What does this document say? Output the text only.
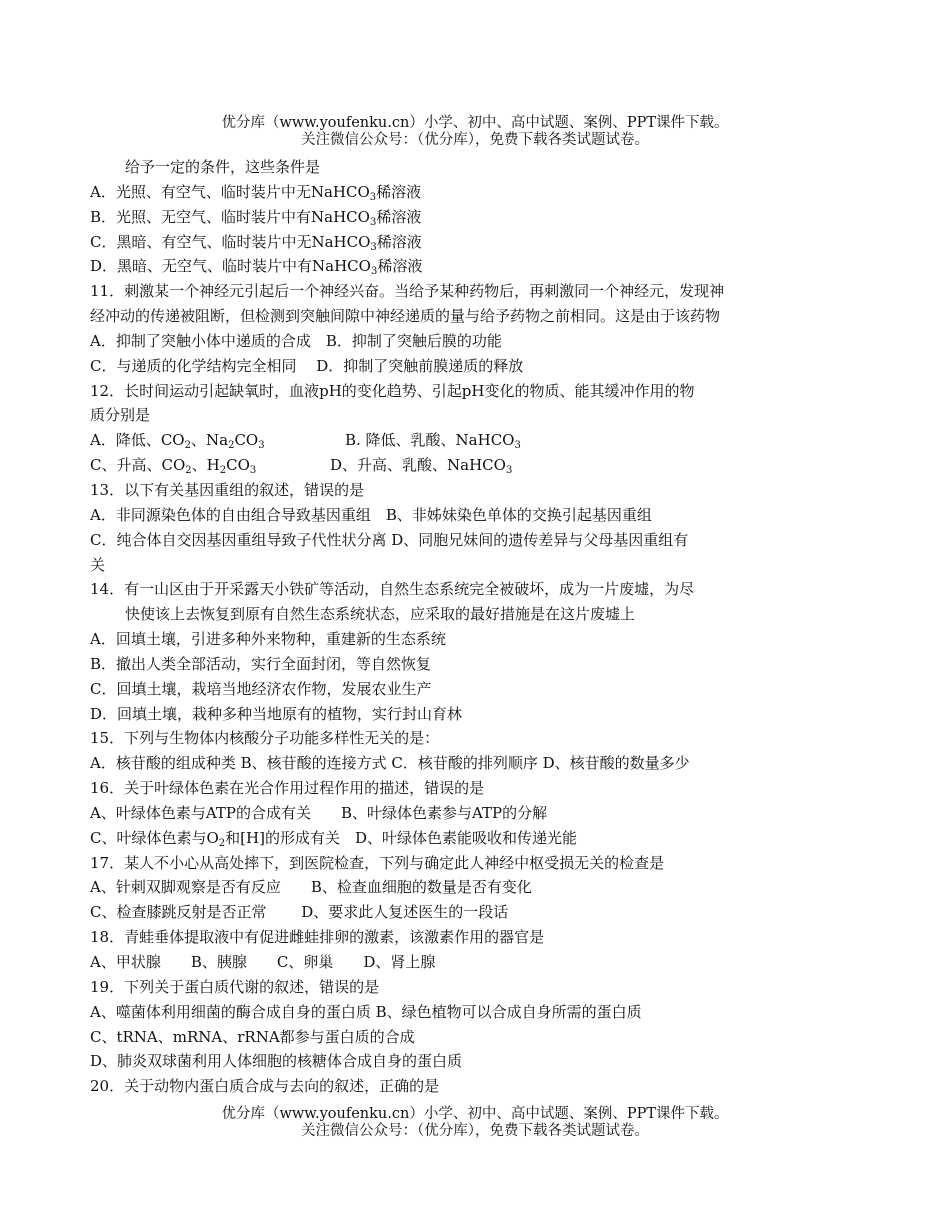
优分库（www.youfenku.cn）小学、初中、高中试题、案例、PPT课件下载。
关注微信公众号：（优分库），免费下载各类试题试卷。
给予一定的条件，这些条件是
A．光照、有空气、临时装片中无NaHCO$_3$稀溶液
B．光照、无空气、临时装片中有NaHCO$_3$稀溶液
C．黑暗、有空气、临时装片中无NaHCO$_3$稀溶液
D．黑暗、无空气、临时装片中有NaHCO$_3$稀溶液
11．刺激某一个神经元引起后一个神经兴奋。当给予某种药物后，再刺激同一个神经元，发现神
经冲动的传递被阻断，但检测到突触间隙中神经递质的量与给予药物之前相同。这是由于该药物
A．抑制了突触小体中递质的合成　B．抑制了突触后膜的功能
C．与递质的化学结构完全相同　 D．抑制了突触前膜递质的释放
12．长时间运动引起缺氧时，血液pH的变化趋势、引起pH变化的物质、能其缓冲作用的物
质分别是
A．降低、$CO_2$、$Na_2CO_3$	B. 降低、乳酸、NaHCO$_3$
C、升高、$CO_2$、$H_2CO_3$	D、升高、乳酸、NaHCO$_3$
13．以下有关基因重组的叙述，错误的是
A．非同源染色体的自由组合导致基因重组　B、非姊妹染色单体的交换引起基因重组
C．纯合体自交因基因重组导致子代性状分离 D、同胞兄妹间的遗传差异与父母基因重组有
关
14．有一山区由于开采露天小铁矿等活动，自然生态系统完全被破坏，成为一片废墟，为尽
快使该上去恢复到原有自然生态系统状态，应采取的最好措施是在这片废墟上
A．回填土壤，引进多种外来物种，重建新的生态系统
B．撤出人类全部活动，实行全面封闭，等自然恢复
C．回填土壤，栽培当地经济农作物，发展农业生产
D．回填土壤，栽种多种当地原有的植物，实行封山育林
15．下列与生物体内核酸分子功能多样性无关的是：
A．核苷酸的组成种类 B、核苷酸的连接方式 C．核苷酸的排列顺序 D、核苷酸的数量多少
16．关于叶绿体色素在光合作用过程作用的描述，错误的是
A、叶绿体色素与ATP的合成有关　　B、叶绿体色素参与ATP的分解
C、叶绿体色素与$O_2$和[H]的形成有关　D、叶绿体色素能吸收和传递光能
17．某人不小心从高处摔下，到医院检查，下列与确定此人神经中枢受损无关的检查是
A、针刺双脚观察是否有反应　　B、检查血细胞的数量是否有变化
C、检查膝跳反射是否正常　　 D、要求此人复述医生的一段话
18．青蛙垂体提取液中有促进雌蛙排卵的激素，该激素作用的器官是
A、甲状腺　　B、胰腺　　C、卵巢　　D、肾上腺
19．下列关于蛋白质代谢的叙述，错误的是
A、噬菌体利用细菌的酶合成自身的蛋白质 B、绿色植物可以合成自身所需的蛋白质
C、tRNA、mRNA、rRNA都参与蛋白质的合成
D、肺炎双球菌利用人体细胞的核糖体合成自身的蛋白质
20．关于动物内蛋白质合成与去向的叙述，正确的是
优分库（www.youfenku.cn）小学、初中、高中试题、案例、PPT课件下载。
关注微信公众号：（优分库），免费下载各类试题试卷。
